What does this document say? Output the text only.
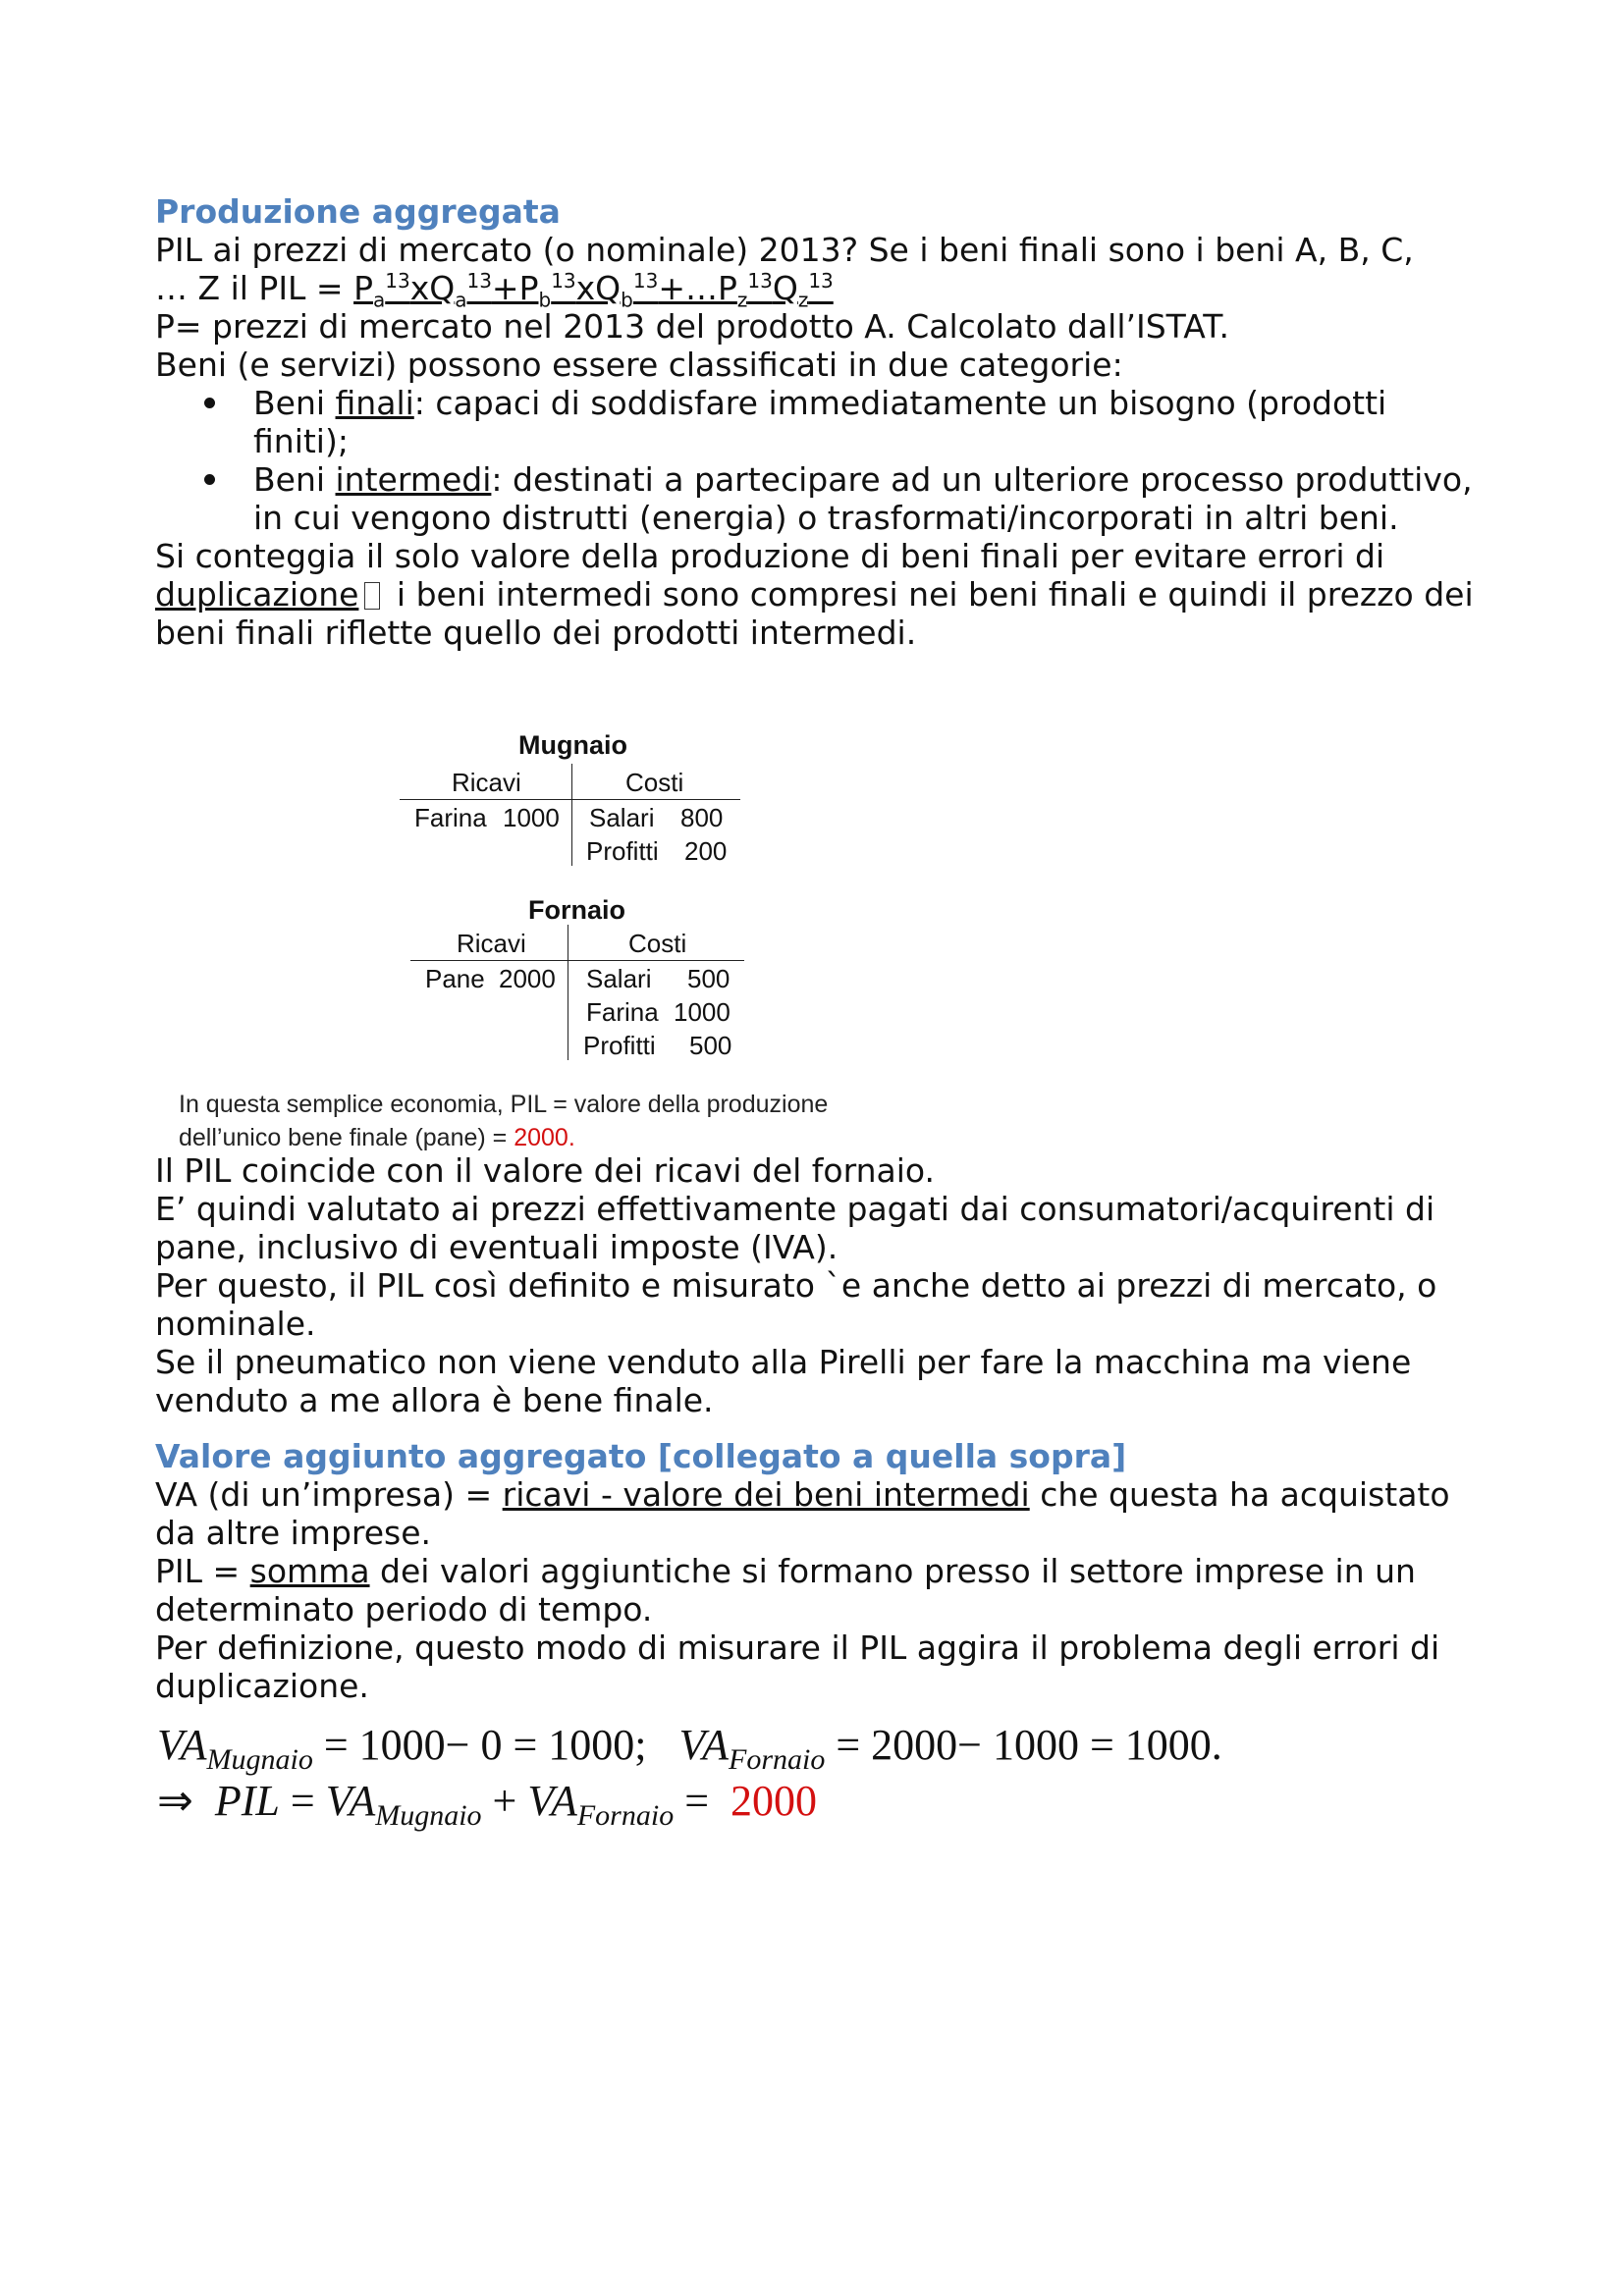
Produzione aggregata

PIL ai prezzi di mercato (o nominale) 2013? Se i beni finali sono i beni A, B, C,

… Z il PIL = $P_a^{13}xQ_a^{13}+P_b^{13}xQ_b^{13}+\dots P_z^{13}Q_z^{13}$

P= prezzi di mercato nel 2013 del prodotto A. Calcolato dall’ISTAT.

Beni (e servizi) possono essere classificati in due categorie:

Beni finali: capaci di soddisfare immediatamente un bisogno (prodotti finiti);
Beni intermedi: destinati a partecipare ad un ulteriore processo produttivo, in cui vengono distrutti (energia) o trasformati/incorporati in altri beni.

Si conteggia il solo valore della produzione di beni finali per evitare errori di duplicazione i beni intermedi sono compresi nei beni finali e quindi il prezzo dei beni finali riflette quello dei prodotti intermedi.

Mugnaio
Ricavi	Costi
Farina 1000 Salari 800
Profitti 200
Fornaio
Ricavi	Costi
Pane 2000 Salari 500
Farina 1000
Profitti 500
In questa semplice economia, PIL = valore della produzione
dell’unico bene finale (pane) = 2000.

Il PIL coincide con il valore dei ricavi del fornaio.

E’ quindi valutato ai prezzi effettivamente pagati dai consumatori/acquirenti di pane, inclusivo di eventuali imposte (IVA).

Per questo, il PIL così definito e misurato `e anche detto ai prezzi di mercato, o nominale.

Se il pneumatico non viene venduto alla Pirelli per fare la macchina ma viene venduto a me allora è bene finale.

Valore aggiunto aggregato [collegato a quella sopra]

VA (di un’impresa) = ricavi - valore dei beni intermedi che questa ha acquistato da altre imprese.

PIL = somma dei valori aggiuntiche si formano presso il settore imprese in un determinato periodo di tempo.

Per definizione, questo modo di misurare il PIL aggira il problema degli errori di duplicazione.

$VA_{Mugnaio} = 1000- 0 = 1000$; $VA_{Fornaio} = 2000- 1000 = 1000$.
⇒ PIL = $VA_{Mugnaio} + VA_{Fornaio} = 2000$
